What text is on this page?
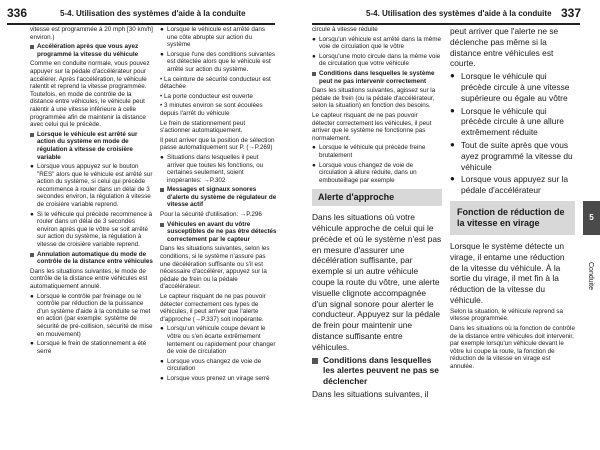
336	5-4. Utilisation des systèmes d'aide à la conduite	5-4. Utilisation des systèmes d'aide à la conduite 337

vitesse est programmée à 20 mph [30 km/h] environ.)

Accélération après que vous ayez programmé la vitesse du véhicule

Comme en conduite normale, vous pouvez appuyer sur la pédale d'accélérateur pour accélérer. Après l'accélération, le véhicule ralentit et reprend la vitesse programmée. Toutefois, en mode de contrôle de la distance entre véhicules, le véhicule peut ralentir à une vitesse inférieure à celle programmée afin de maintenir la distance avec celui qui le précède.

Lorsque le véhicule est arrêté sur action du système en mode de régulation à vitesse de croisière variable
● Lorsque vous appuyez sur le bouton "RES" alors que le véhicule est arrêté sur action du système, si celui qui précède recommence à rouler dans un délai de 3 secondes environ, la régulation à vitesse de croisière variable reprend.
● Si le véhicule qui précède recommence à rouler dans un délai de 3 secondes environ après que le vôtre se soit arrêté sur action du système, la régulation à vitesse de croisière variable reprend.
Annulation automatique du mode de contrôle de la distance entre véhicules

Dans les situations suivantes, le mode de contrôle de la distance entre véhicules est automatiquement annulé.

● Lorsque le contrôle par freinage ou le contrôle par réduction de la puissance d'un système d'aide à la conduite se met en action (par exemple: système de sécurité de pré-collision, sécurité de mise en mouvement)
● Lorsque le frein de stationnement a été serré
● Lorsque le véhicule est arrêté dans une côte abrupte sur action du système
● Lorsque l'une des conditions suivantes est détectée alors que le véhicule est arrêté sur action du système.

• La ceinture de sécurité conducteur est détachée

• La porte conducteur est ouverte

• 3 minutes environ se sont écoulées depuis l'arrêt du véhicule

Le frein de stationnement peut s'actionner automatiquement.

Il peut arriver que la position de sélection passe automatiquement sur P. (→P.269)

● Situations dans lesquelles il peut arriver que toutes les fonctions, ou certaines seulement, soient inopérantes: →P.302
Messages et signaux sonores d'alerte du système de régulateur de vitesse actif

Pour la sécurité d'utilisation: →P.296

Véhicules en avant du vôtre susceptibles de ne pas être détectés correctement par le capteur

Dans les situations suivantes, selon les conditions, si le système n'assure pas une décélération suffisante ou s'il est nécessaire d'accélérer, appuyez sur la pédale de frein ou la pédale d'accélérateur.

Le capteur risquant de ne pas pouvoir détecter correctement ces types de véhicules, il peut arriver que l'alerte d'approche (→P.337) soit inopérante.

● Lorsqu'un véhicule coupe devant le vôtre ou s'en écarte extrêmement lentement ou rapidement pour changer de voie de circulation
● Lorsque vous changez de voie de circulation
● Lorsque vous prenez un virage serré

circule à vitesse réduite

● Lorsqu'un véhicule est arrêté dans la même voie de circulation que le vôtre
● Lorsqu'une moto circule dans la même voie de circulation que votre véhicule
Conditions dans lesquelles le système peut ne pas intervenir correctement

Dans les situations suivantes, agissez sur la pédale de frein (ou la pédale d'accélérateur, selon la situation) en fonction des besoins.

Le capteur risquant de ne pas pouvoir détecter correctement les véhicules, il peut arriver que le système ne fonctionne pas normalement.

● Lorsque le véhicule qui précède freine brutalement
● Lorsque vous changez de voie de circulation à allure réduite, dans un embouteillage par exemple
Alerte d'approche

Dans les situations où votre véhicule approche de celui qui le précède et où le système n'est pas en mesure d'assurer une décélération suffisante, par exemple si un autre véhicule coupe la route du vôtre, une alerte visuelle clignote accompagnée d'un signal sonore pour alerter le conducteur. Appuyez sur la pédale de frein pour maintenir une distance suffisante entre véhicules.

Conditions dans lesquelles les alertes peuvent ne pas se déclencher

Dans les situations suivantes, il

peut arriver que l'alerte ne se déclenche pas même si la distance entre véhicules est courte.

● Lorsque le véhicule qui précède circule à une vitesse supérieure ou égale au vôtre
● Lorsque le véhicule qui précède circule à une allure extrêmement réduite
● Tout de suite après que vous ayez programmé la vitesse du véhicule
● Lorsque vous appuyez sur la pédale d'accélérateur
Fonction de réduction de la vitesse en virage

Lorsque le système détecte un virage, il entame une réduction de la vitesse du véhicule. À la sortie du virage, il met fin à la réduction de la vitesse du véhicule.

Selon la situation, le véhicule reprend sa vitesse programmée.

Dans les situations où la fonction de contrôle de la distance entre véhicules doit intervenir, par exemple lorsqu'un véhicule devant le vôtre lui coupe la route, la fonction de réduction de la vitesse en virage est annulée.

5
Conduite
